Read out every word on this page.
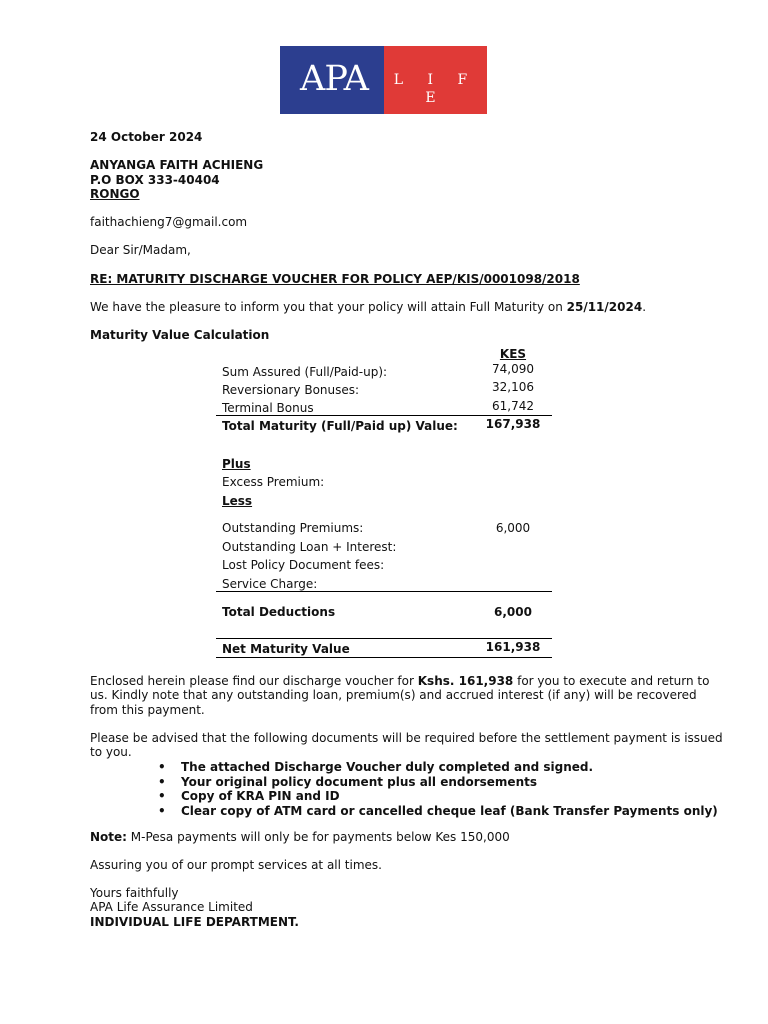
APA	L I F E
24 October 2024
ANYANGA FAITH ACHIENG
P.O BOX 333-40404
RONGO
faithachieng7@gmail.com
Dear Sir/Madam,
RE: MATURITY DISCHARGE VOUCHER FOR POLICY AEP/KIS/0001098/2018
We have the pleasure to inform you that your policy will attain Full Maturity on 25/11/2024.
Maturity Value Calculation
KES
Sum Assured (Full/Paid-up):	74,090
Reversionary Bonuses:	32,106
Terminal Bonus	61,742
Total Maturity (Full/Paid up) Value:	167,938
Plus
Excess Premium:
Less
Outstanding Premiums:	6,000
Outstanding Loan + Interest:
Lost Policy Document fees:
Service Charge:
Total Deductions	6,000
Net Maturity Value	161,938
Enclosed herein please find our discharge voucher for Kshs. 161,938 for you to execute and return to
us. Kindly note that any outstanding loan, premium(s) and accrued interest (if any) will be recovered
from this payment.
Please be advised that the following documents will be required before the settlement payment is issued
to you.
• The attached Discharge Voucher duly completed and signed.
• Your original policy document plus all endorsements
• Copy of KRA PIN and ID
• Clear copy of ATM card or cancelled cheque leaf (Bank Transfer Payments only)
Note: M-Pesa payments will only be for payments below Kes 150,000
Assuring you of our prompt services at all times.
Yours faithfully
APA Life Assurance Limited
INDIVIDUAL LIFE DEPARTMENT.
